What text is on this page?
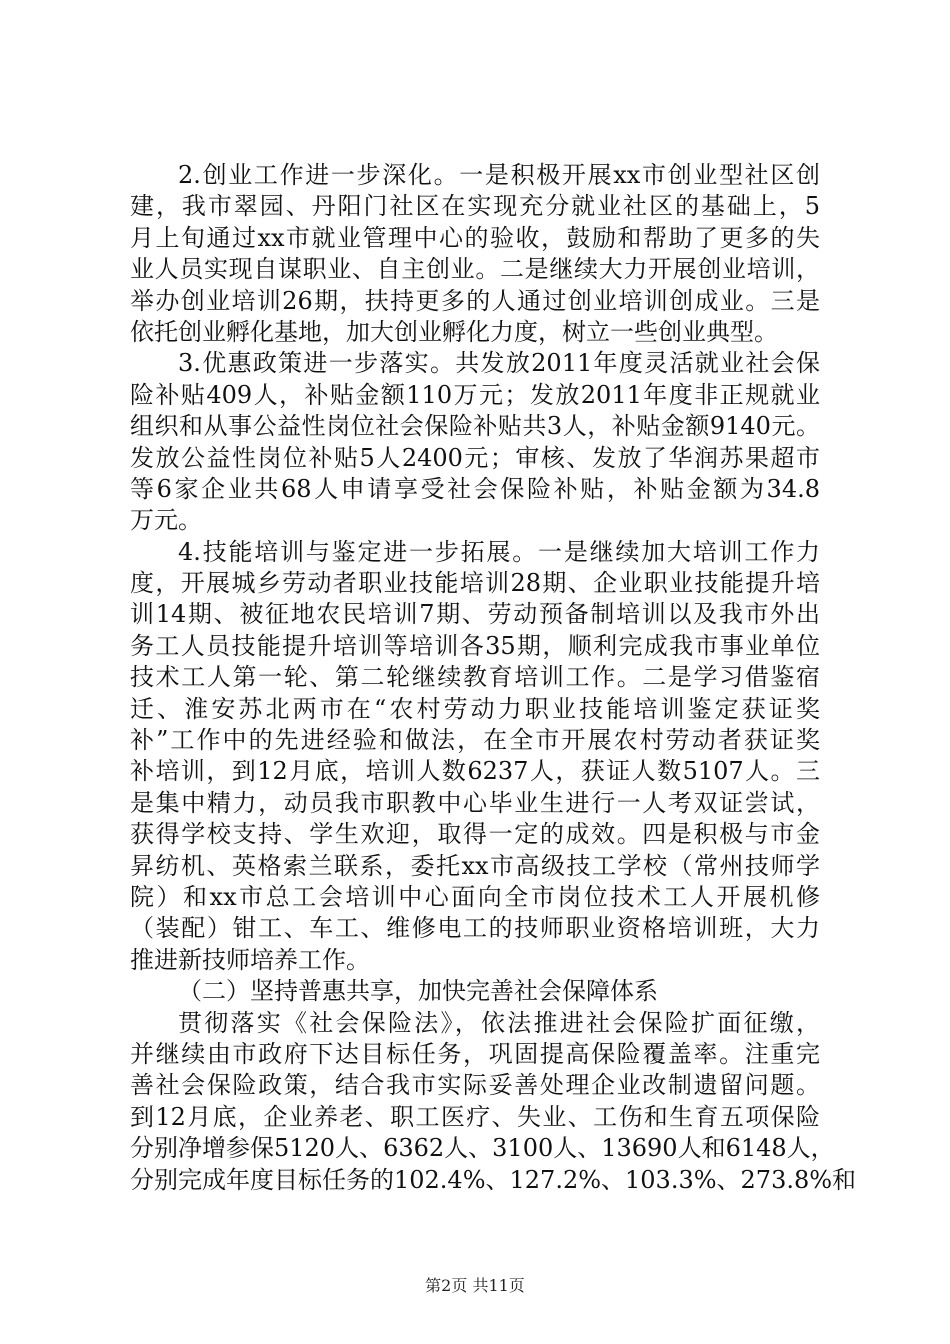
2.创业工作进一步深化。一是积极开展xx市创业型社区创
建，我市翠园、丹阳门社区在实现充分就业社区的基础上，5
月上旬通过xx市就业管理中心的验收，鼓励和帮助了更多的失
业人员实现自谋职业、自主创业。二是继续大力开展创业培训，
举办创业培训26期，扶持更多的人通过创业培训创成业。三是
依托创业孵化基地，加大创业孵化力度，树立一些创业典型。
3.优惠政策进一步落实。共发放2011年度灵活就业社会保
险补贴409人，补贴金额110万元；发放2011年度非正规就业
组织和从事公益性岗位社会保险补贴共3人，补贴金额9140元。
发放公益性岗位补贴5人2400元；审核、发放了华润苏果超市
等6家企业共68人申请享受社会保险补贴，补贴金额为34.8
万元。
4.技能培训与鉴定进一步拓展。一是继续加大培训工作力
度，开展城乡劳动者职业技能培训28期、企业职业技能提升培
训14期、被征地农民培训7期、劳动预备制培训以及我市外出
务工人员技能提升培训等培训各35期，顺利完成我市事业单位
技术工人第一轮、第二轮继续教育培训工作。二是学习借鉴宿
迁、淮安苏北两市在“农村劳动力职业技能培训鉴定获证奖
补”工作中的先进经验和做法，在全市开展农村劳动者获证奖
补培训，到12月底，培训人数6237人，获证人数5107人。三
是集中精力，动员我市职教中心毕业生进行一人考双证尝试，
获得学校支持、学生欢迎，取得一定的成效。四是积极与市金
昇纺机、英格索兰联系，委托xx市高级技工学校（常州技师学
院）和xx市总工会培训中心面向全市岗位技术工人开展机修
（装配）钳工、车工、维修电工的技师职业资格培训班，大力
推进新技师培养工作。
（二）坚持普惠共享，加快完善社会保障体系
贯彻落实《社会保险法》，依法推进社会保险扩面征缴，
并继续由市政府下达目标任务，巩固提高保险覆盖率。注重完
善社会保险政策，结合我市实际妥善处理企业改制遗留问题。
到12月底，企业养老、职工医疗、失业、工伤和生育五项保险
分别净增参保5120人、6362人、3100人、13690人和6148人，
分别完成年度目标任务的102.4%、127.2%、103.3%、273.8%和
第2页 共11页
